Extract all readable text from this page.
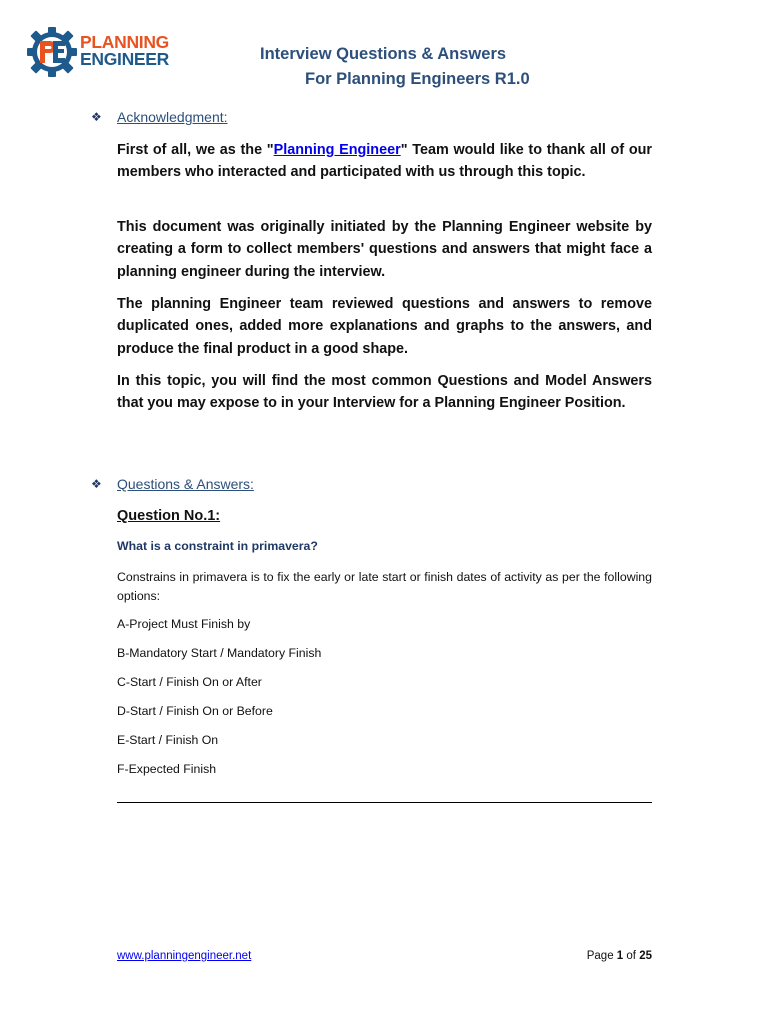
PLANNING
ENGINEER	Interview Questions & Answers
For Planning Engineers R1.0
❖ Acknowledgment:
First of all, we as the "Planning Engineer" Team would like to thank all of our members who interacted and participated with us through this topic.
This document was originally initiated by the Planning Engineer website by creating a form to collect members' questions and answers that might face a planning engineer during the interview.
The planning Engineer team reviewed questions and answers to remove duplicated ones, added more explanations and graphs to the answers, and produce the final product in a good shape.
In this topic, you will find the most common Questions and Model Answers that you may expose to in your Interview for a Planning Engineer Position.
❖ Questions & Answers:
Question No.1:
What is a constraint in primavera?
Constrains in primavera is to fix the early or late start or finish dates of activity as per the following options:
A-Project Must Finish by
B-Mandatory Start / Mandatory Finish
C-Start / Finish On or After
D-Start / Finish On or Before
E-Start / Finish On
F-Expected Finish
www.planningengineer.net	Page 1 of 25
